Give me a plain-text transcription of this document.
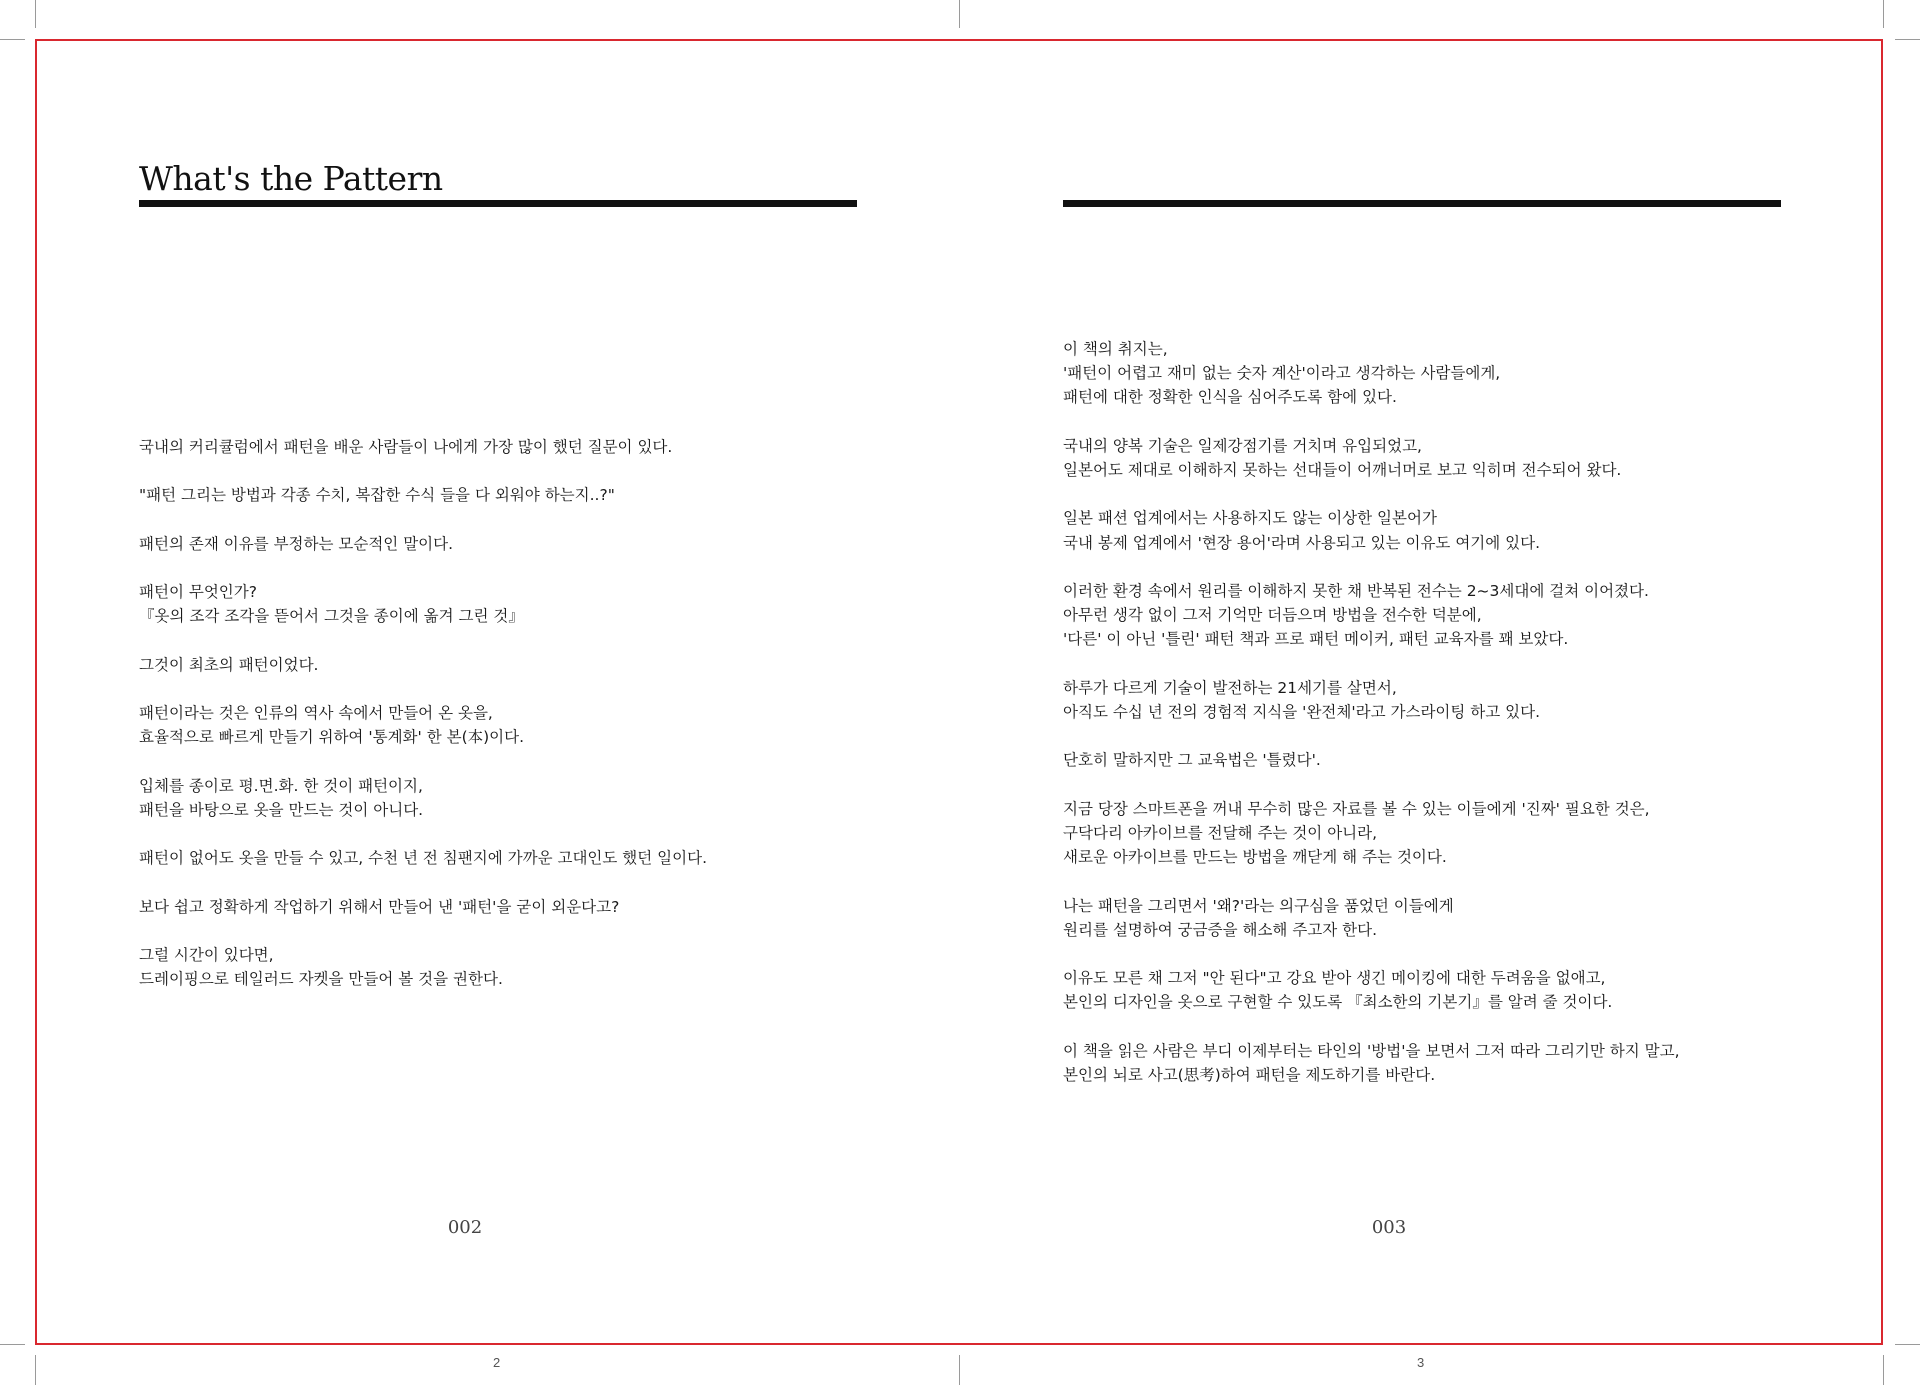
What's the Pattern

국내의 커리큘럼에서 패턴을 배운 사람들이 나에게 가장 많이 했던 질문이 있다.

"패턴 그리는 방법과 각종 수치, 복잡한 수식 들을 다 외워야 하는지..?"

패턴의 존재 이유를 부정하는 모순적인 말이다.

패턴이 무엇인가?
『옷의 조각 조각을 뜯어서 그것을 종이에 옮겨 그린 것』

그것이 최초의 패턴이었다.

패턴이라는 것은 인류의 역사 속에서 만들어 온 옷을,
효율적으로 빠르게 만들기 위하여 '통계화' 한 본(本)이다.

입체를 종이로 평.면.화. 한 것이 패턴이지,
패턴을 바탕으로 옷을 만드는 것이 아니다.

패턴이 없어도 옷을 만들 수 있고, 수천 년 전 침팬지에 가까운 고대인도 했던 일이다.

보다 쉽고 정확하게 작업하기 위해서 만들어 낸 '패턴'을 굳이 외운다고?

그럴 시간이 있다면,
드레이핑으로 테일러드 자켓을 만들어 볼 것을 권한다.

002
2

이 책의 취지는,
'패턴이 어렵고 재미 없는 숫자 계산'이라고 생각하는 사람들에게,
패턴에 대한 정확한 인식을 심어주도록 함에 있다.

국내의 양복 기술은 일제강점기를 거치며 유입되었고,
일본어도 제대로 이해하지 못하는 선대들이 어깨너머로 보고 익히며 전수되어 왔다.

일본 패션 업계에서는 사용하지도 않는 이상한 일본어가
국내 봉제 업계에서 '현장 용어'라며 사용되고 있는 이유도 여기에 있다.

이러한 환경 속에서 원리를 이해하지 못한 채 반복된 전수는 2~3세대에 걸쳐 이어졌다.
아무런 생각 없이 그저 기억만 더듬으며 방법을 전수한 덕분에,
'다른' 이 아닌 '틀린' 패턴 책과 프로 패턴 메이커, 패턴 교육자를 꽤 보았다.

하루가 다르게 기술이 발전하는 21세기를 살면서,
아직도 수십 년 전의 경험적 지식을 '완전체'라고 가스라이팅 하고 있다.

단호히 말하지만 그 교육법은 '틀렸다'.

지금 당장 스마트폰을 꺼내 무수히 많은 자료를 볼 수 있는 이들에게 '진짜' 필요한 것은,
구닥다리 아카이브를 전달해 주는 것이 아니라,
새로운 아카이브를 만드는 방법을 깨닫게 해 주는 것이다.

나는 패턴을 그리면서 '왜?'라는 의구심을 품었던 이들에게
원리를 설명하여 궁금증을 해소해 주고자 한다.

이유도 모른 채 그저 "안 된다"고 강요 받아 생긴 메이킹에 대한 두려움을 없애고,
본인의 디자인을 옷으로 구현할 수 있도록 『최소한의 기본기』를 알려 줄 것이다.

이 책을 읽은 사람은 부디 이제부터는 타인의 '방법'을 보면서 그저 따라 그리기만 하지 말고,
본인의 뇌로 사고(思考)하여 패턴을 제도하기를 바란다.

003
3
